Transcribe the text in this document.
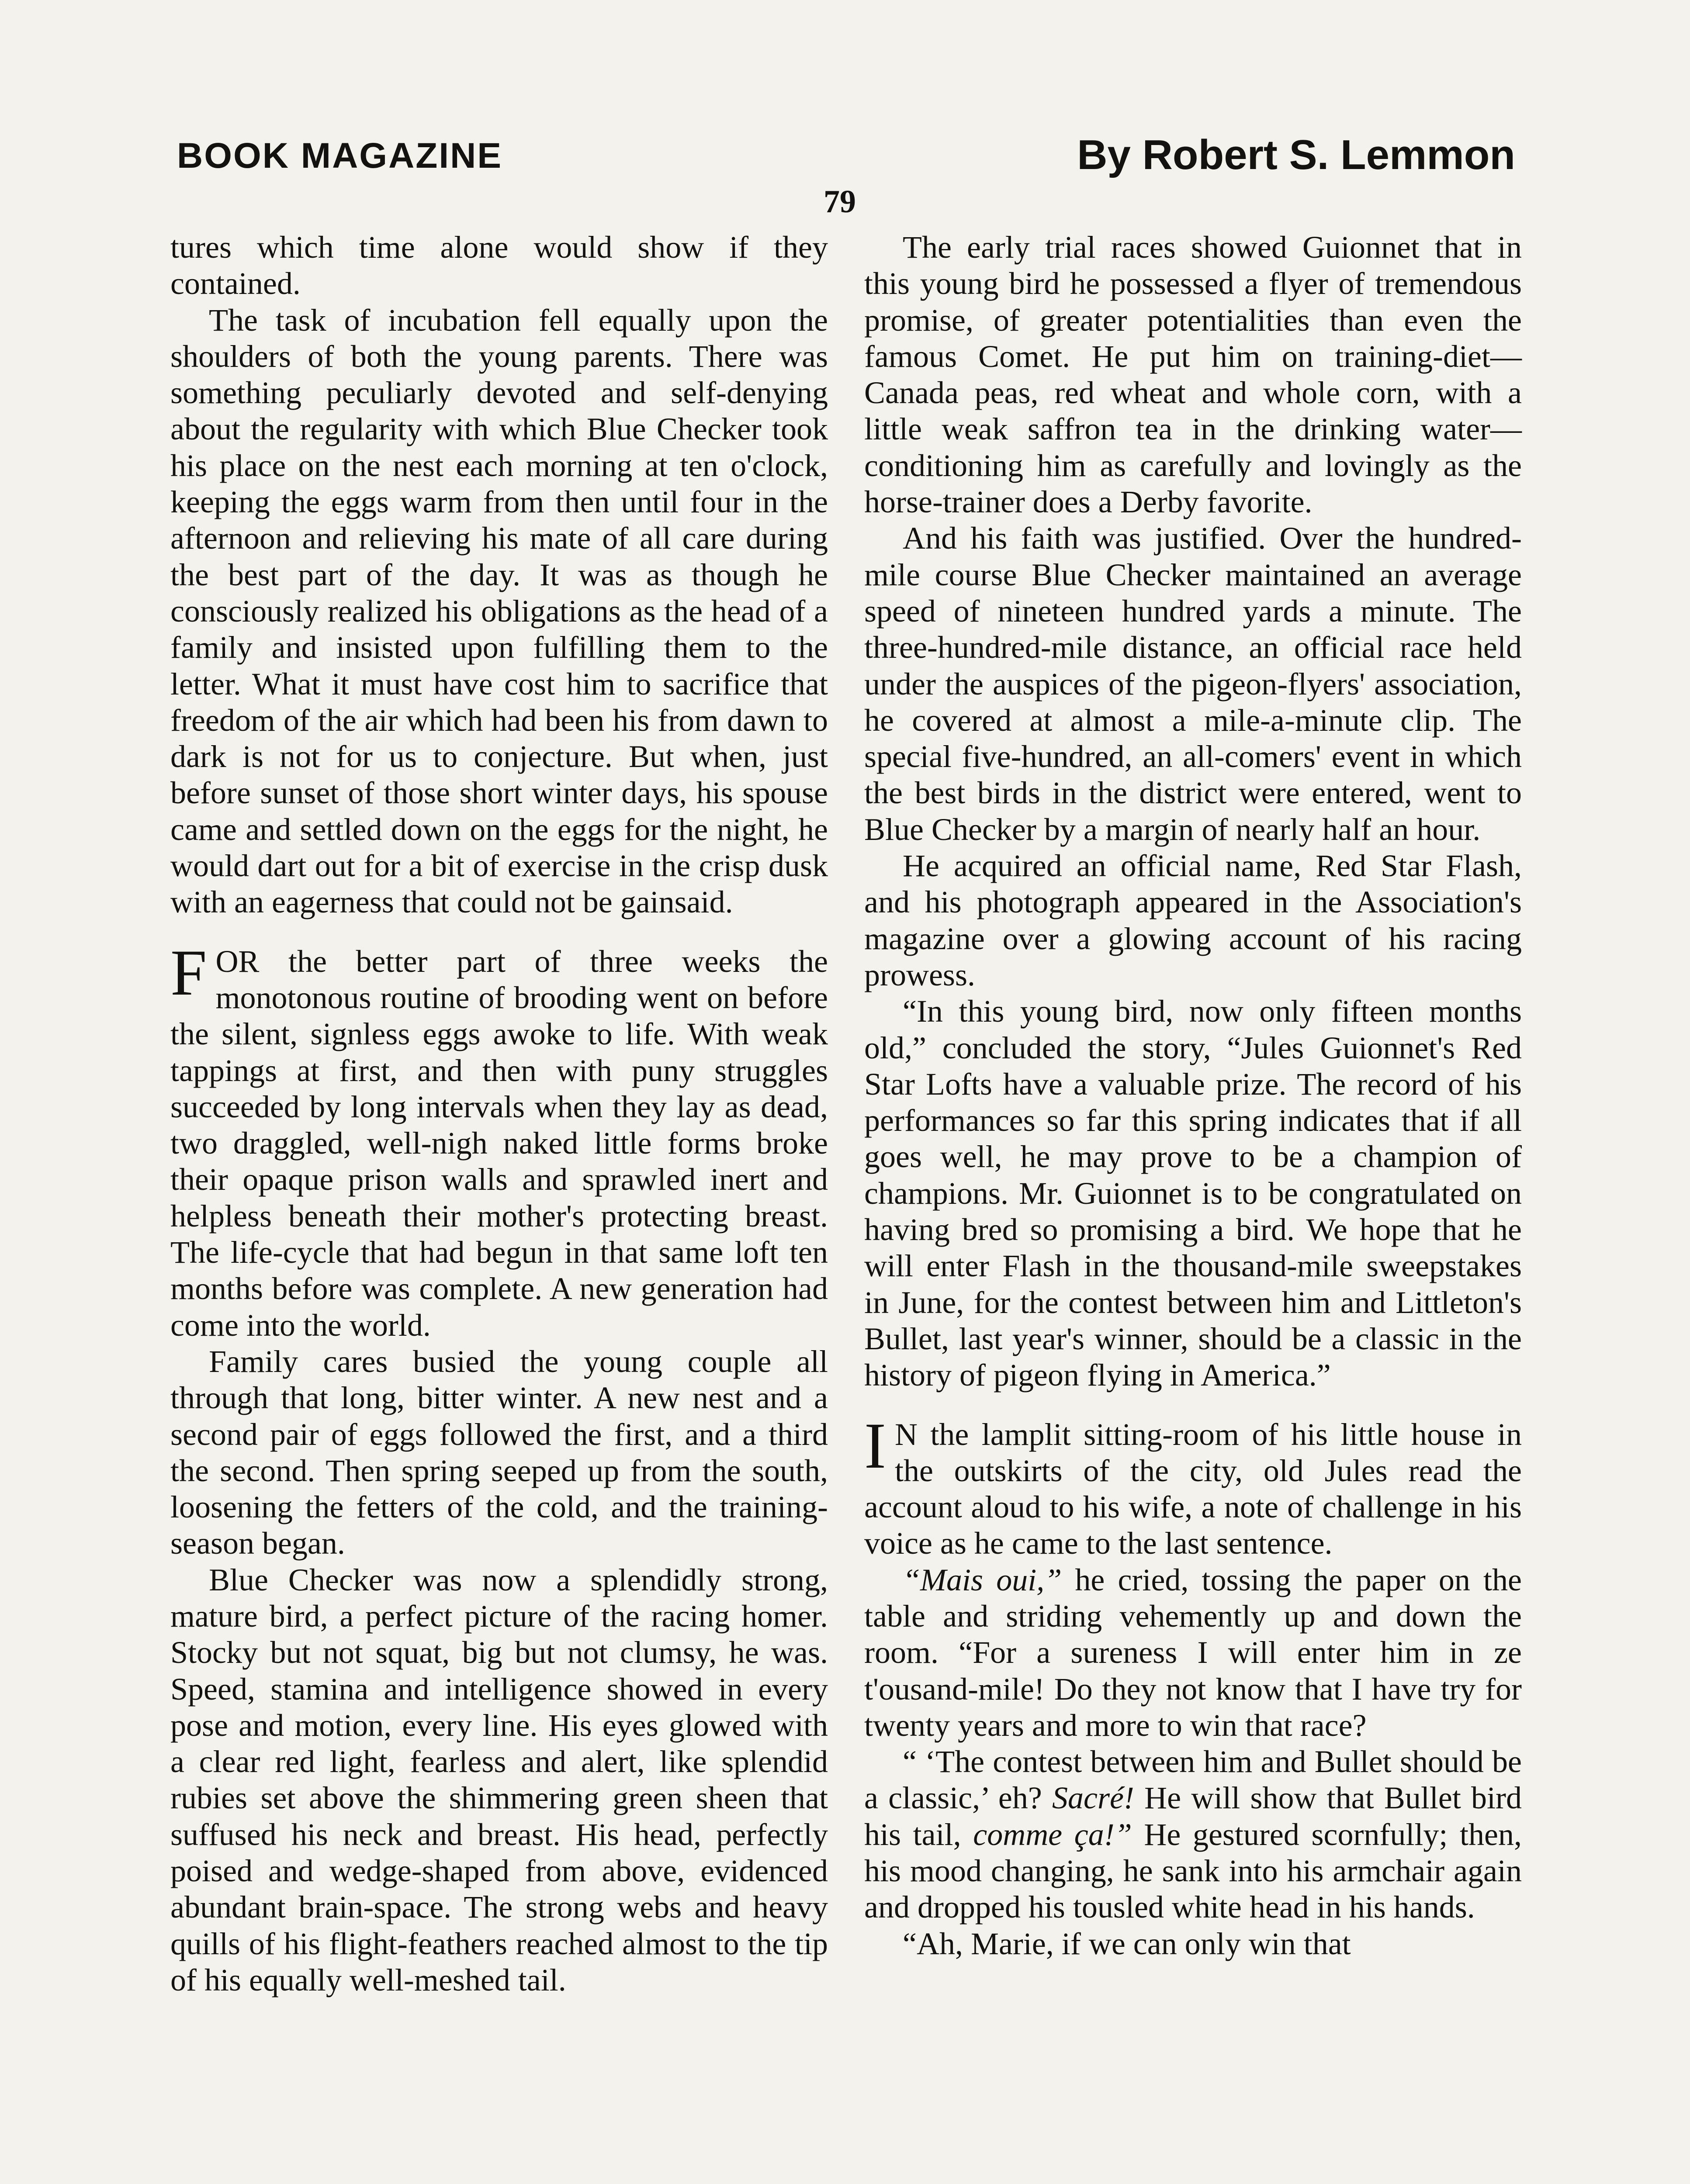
BOOK MAGAZINE	By Robert S. Lemmon
79

tures which time alone would show if they contained.

The task of incubation fell equally upon the shoulders of both the young parents. There was something peculiarly devoted and self-denying about the regularity with which Blue Checker took his place on the nest each morning at ten o'clock, keeping the eggs warm from then until four in the afternoon and relieving his mate of all care during the best part of the day. It was as though he consciously realized his obligations as the head of a family and insisted upon fulfilling them to the letter. What it must have cost him to sacrifice that freedom of the air which had been his from dawn to dark is not for us to conjecture. But when, just before sunset of those short winter days, his spouse came and settled down on the eggs for the night, he would dart out for a bit of exercise in the crisp dusk with an eagerness that could not be gainsaid.

FOR the better part of three weeks the monotonous routine of brooding went on before the silent, signless eggs awoke to life. With weak tappings at first, and then with puny struggles succeeded by long intervals when they lay as dead, two draggled, well-nigh naked little forms broke their opaque prison walls and sprawled inert and helpless beneath their mother's protecting breast. The life-cycle that had begun in that same loft ten months before was complete. A new generation had come into the world.

Family cares busied the young couple all through that long, bitter winter. A new nest and a second pair of eggs followed the first, and a third the second. Then spring seeped up from the south, loosening the fetters of the cold, and the training-season began.

Blue Checker was now a splendidly strong, mature bird, a perfect picture of the racing homer. Stocky but not squat, big but not clumsy, he was. Speed, stamina and intelligence showed in every pose and motion, every line. His eyes glowed with a clear red light, fearless and alert, like splendid rubies set above the shimmering green sheen that suffused his neck and breast. His head, perfectly poised and wedge-shaped from above, evidenced abundant brain-space. The strong webs and heavy quills of his flight-feathers reached almost to the tip of his equally well-meshed tail.

The early trial races showed Guionnet that in this young bird he possessed a flyer of tremendous promise, of greater potentialities than even the famous Comet. He put him on training-diet—Canada peas, red wheat and whole corn, with a little weak saffron tea in the drinking water—conditioning him as carefully and lovingly as the horse-trainer does a Derby favorite.

And his faith was justified. Over the hundred-mile course Blue Checker maintained an average speed of nineteen hundred yards a minute. The three-hundred-mile distance, an official race held under the auspices of the pigeon-flyers' association, he covered at almost a mile-a-minute clip. The special five-hundred, an all-comers' event in which the best birds in the district were entered, went to Blue Checker by a margin of nearly half an hour.

He acquired an official name, Red Star Flash, and his photograph appeared in the Association's magazine over a glowing account of his racing prowess.

“In this young bird, now only fifteen months old,” concluded the story, “Jules Guionnet's Red Star Lofts have a valuable prize. The record of his performances so far this spring indicates that if all goes well, he may prove to be a champion of champions. Mr. Guionnet is to be congratulated on having bred so promising a bird. We hope that he will enter Flash in the thousand-mile sweepstakes in June, for the contest between him and Littleton's Bullet, last year's winner, should be a classic in the history of pigeon flying in America.”

I N the lamplit sitting-room of his little house in the outskirts of the city, old Jules read the account aloud to his wife, a note of challenge in his voice as he came to the last sentence.

“Mais oui,” he cried, tossing the paper on the table and striding vehemently up and down the room. “For a sureness I will enter him in ze t'ousand-mile! Do they not know that I have try for twenty years and more to win that race?

“ ‘The contest between him and Bullet should be a classic,’ eh? Sacré! He will show that Bullet bird his tail, comme ça!” He gestured scornfully; then, his mood changing, he sank into his armchair again and dropped his tousled white head in his hands.

“Ah, Marie, if we can only win that
